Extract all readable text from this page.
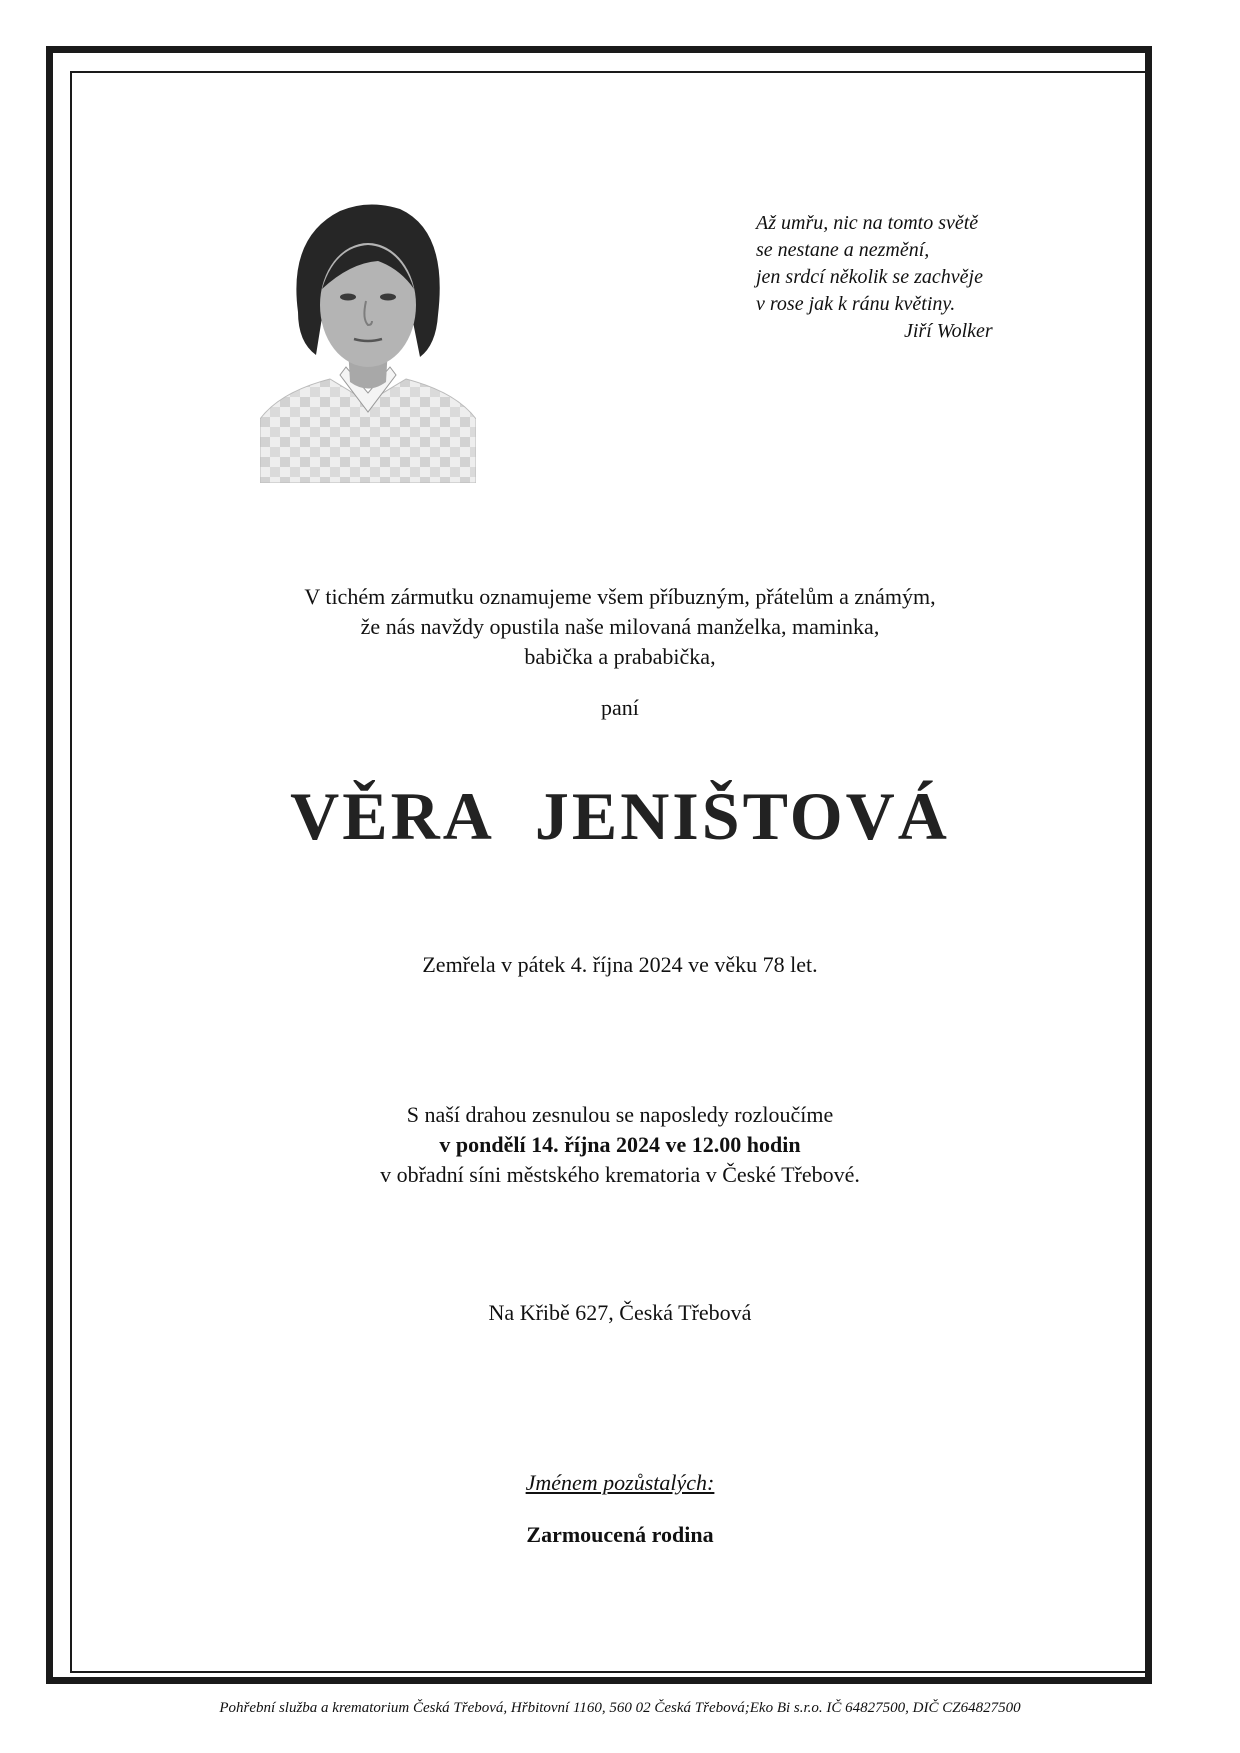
Až umřu, nic na tomto světě
se nestane a nezmění,
jen srdcí několik se zachvěje
v rose jak k ránu květiny.
Jiří Wolker
V tichém zármutku oznamujeme všem příbuzným, přátelům a známým,
že nás navždy opustila naše milovaná manželka, maminka,
babička a prababička,
paní
VĚRA JENIŠTOVÁ
Zemřela v pátek 4. října 2024 ve věku 78 let.
S naší drahou zesnulou se naposledy rozloučíme
v pondělí 14. října 2024 ve 12.00 hodin
v obřadní síni městského krematoria v České Třebové.
Na Křibě 627, Česká Třebová
Jménem pozůstalých:
Zarmoucená rodina
Pohřební služba a krematorium Česká Třebová, Hřbitovní 1160, 560 02 Česká Třebová;Eko Bi s.r.o. IČ 64827500, DIČ CZ64827500
